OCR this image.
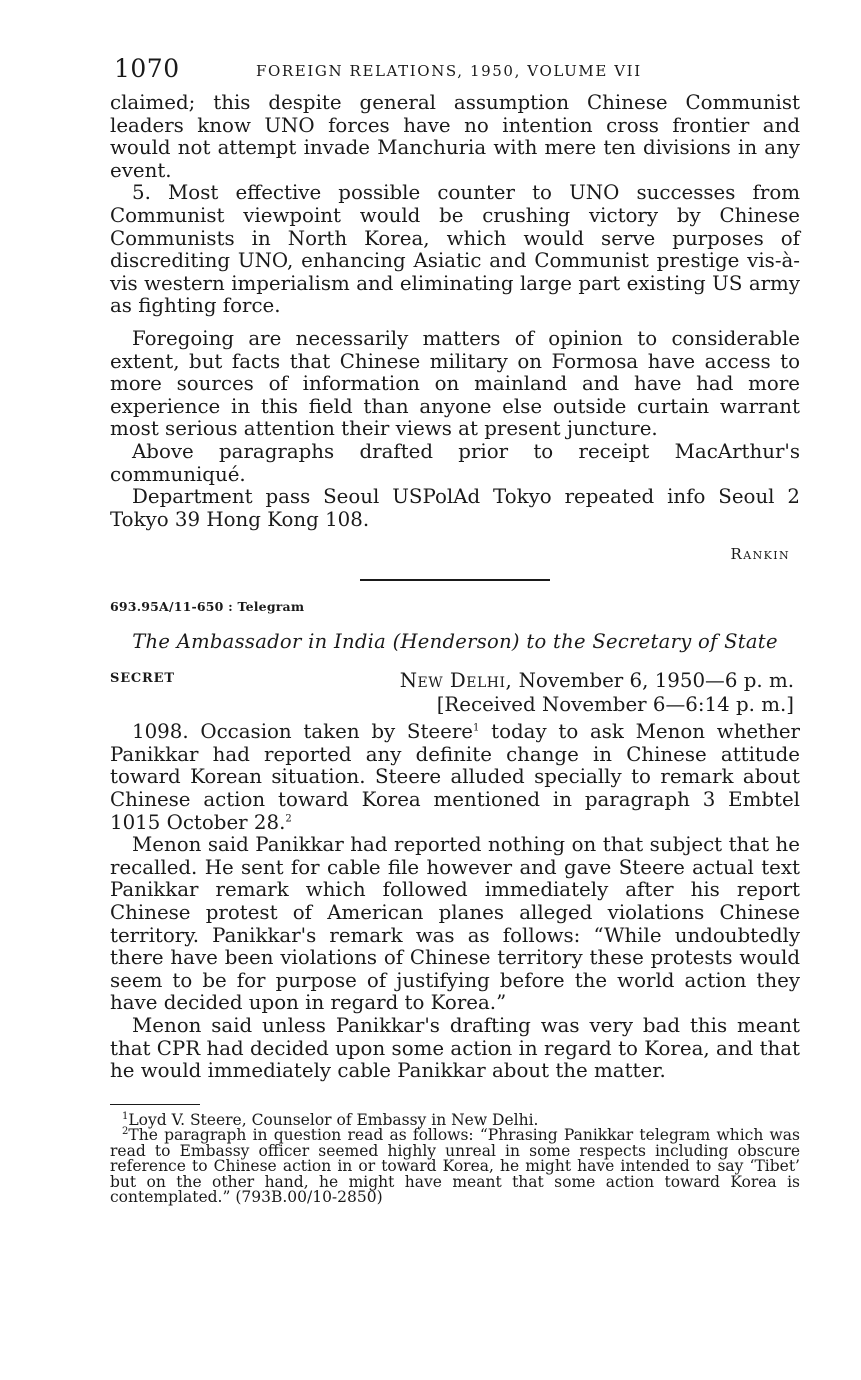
1070	FOREIGN RELATIONS, 1950, VOLUME VII

claimed; this despite general assumption Chinese Communist leaders know UNO forces have no intention cross frontier and would not attempt invade Manchuria with mere ten divisions in any event.

5. Most effective possible counter to UNO successes from Communist viewpoint would be crushing victory by Chinese Communists in North Korea, which would serve purposes of discrediting UNO, enhancing Asiatic and Communist prestige vis-à-vis western imperialism and eliminating large part existing US army as fighting force.

Foregoing are necessarily matters of opinion to considerable extent, but facts that Chinese military on Formosa have access to more sources of information on mainland and have had more experience in this field than anyone else outside curtain warrant most serious attention their views at present juncture.

Above paragraphs drafted prior to receipt MacArthur's communiqué.

Department pass Seoul USPolAd Tokyo repeated info Seoul 2 Tokyo 39 Hong Kong 108.

Rankin
693.95A/11-650 : Telegram
The Ambassador in India (Henderson) to the Secretary of State
SECRET	New Delhi, November 6, 1950—6 p. m.
[Received November 6—6:14 p. m.]

1098. Occasion taken by Steere$^1$ today to ask Menon whether Panikkar had reported any definite change in Chinese attitude toward Korean situation. Steere alluded specially to remark about Chinese action toward Korea mentioned in paragraph 3 Embtel 1015 October 28.$^2$

Menon said Panikkar had reported nothing on that subject that he recalled. He sent for cable file however and gave Steere actual text Panikkar remark which followed immediately after his report Chinese protest of American planes alleged violations Chinese territory. Panikkar's remark was as follows: “While undoubtedly there have been violations of Chinese territory these protests would seem to be for purpose of justifying before the world action they have decided upon in regard to Korea.”

Menon said unless Panikkar's drafting was very bad this meant that CPR had decided upon some action in regard to Korea, and that he would immediately cable Panikkar about the matter.

$^1$Loyd V. Steere, Counselor of Embassy in New Delhi.

$^2$The paragraph in question read as follows: “Phrasing Panikkar telegram which was read to Embassy officer seemed highly unreal in some respects including obscure reference to Chinese action in or toward Korea, he might have intended to say ‘Tibet’ but on the other hand, he might have meant that some action toward Korea is contemplated.” (793B.00/10-2850)
